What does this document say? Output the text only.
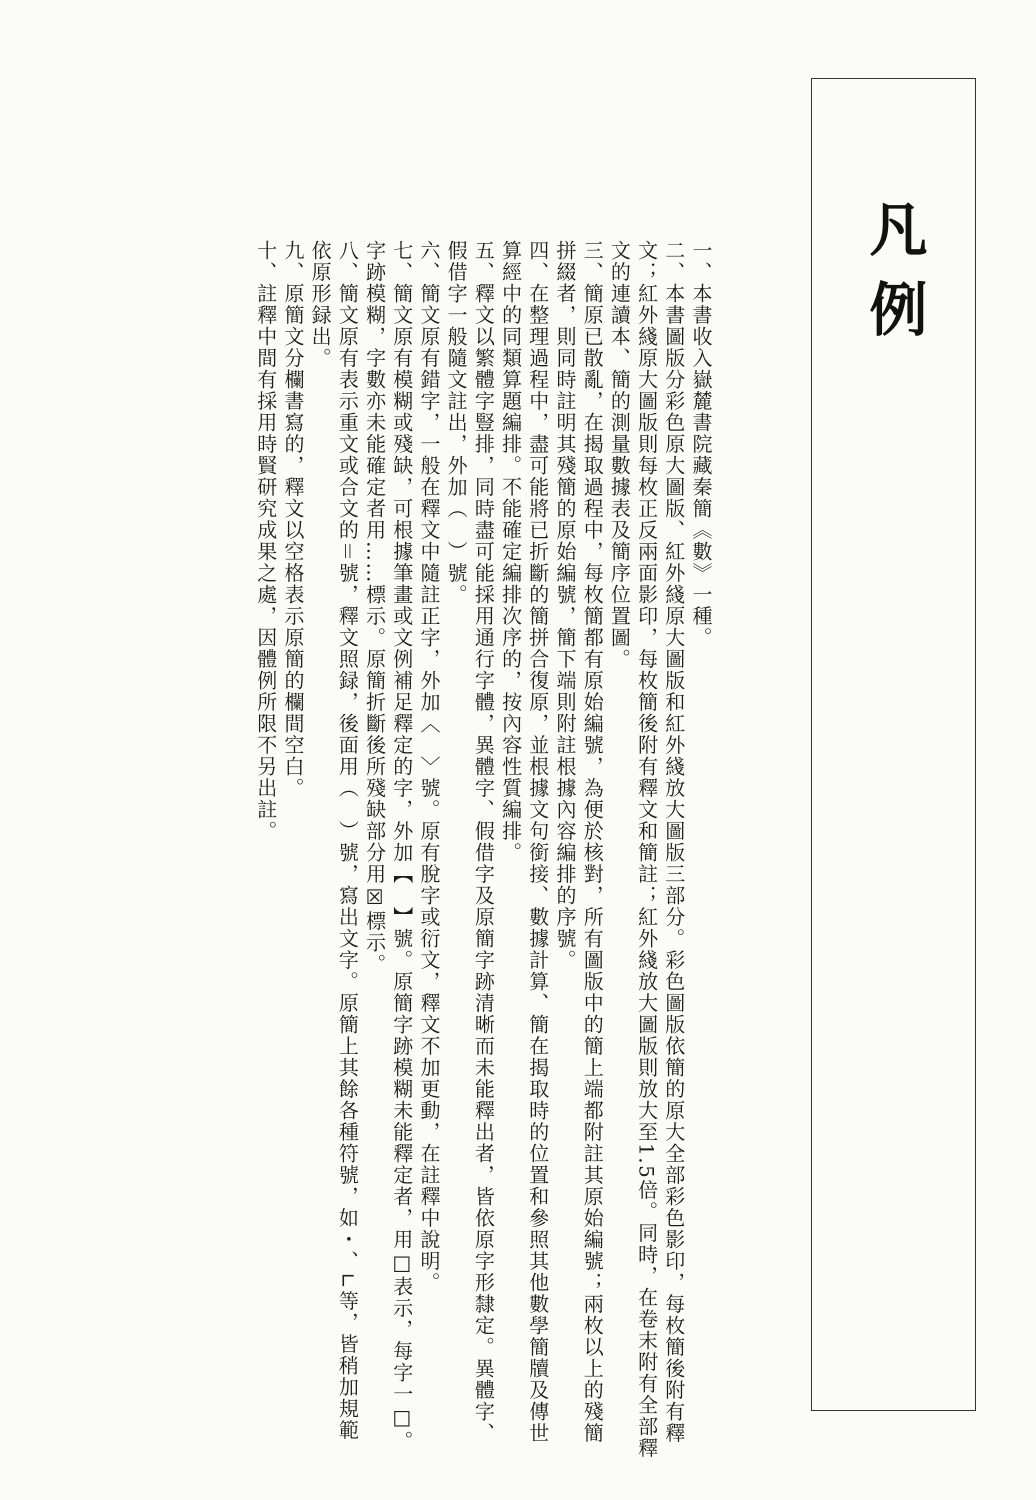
凡例

一、本書收入嶽麓書院藏秦簡《數》一種。

二、本書圖版分彩色原大圖版、紅外綫原大圖版和紅外綫放大圖版三部分。彩色圖版依簡的原大全部彩色影印，每枚簡後附有釋文；紅外綫原大圖版則每枚正反兩面影印，每枚簡後附有釋文和簡註；紅外綫放大圖版則放大至1.5倍。同時，在卷末附有全部釋文的連讀本、簡的測量數據表及簡序位置圖。

三、簡原已散亂，在揭取過程中，每枚簡都有原始編號，為便於核對，所有圖版中的簡上端都附註其原始編號；兩枚以上的殘簡拼綴者，則同時註明其殘簡的原始編號，簡下端則附註根據內容編排的序號。

四、在整理過程中，盡可能將已折斷的簡拼合復原，並根據文句銜接、數據計算、簡在揭取時的位置和參照其他數學簡牘及傳世算經中的同類算題編排。不能確定編排次序的，按內容性質編排。

五、釋文以繁體字豎排，同時盡可能採用通行字體，異體字、假借字及原簡字跡清晰而未能釋出者，皆依原字形隸定。異體字、假借字一般隨文註出，外加（　）號。

六、簡文原有錯字，一般在釋文中隨註正字，外加〈　〉號。原有脫字或衍文，釋文不加更動，在註釋中說明。

七、簡文原有模糊或殘缺，可根據筆畫或文例補足釋定的字，外加【　】號。原簡字跡模糊未能釋定者，用□表示，每字一□。字跡模糊，字數亦未能確定者用……標示。原簡折斷後所殘缺部分用☒標示。

八、簡文原有表示重文或合文的＝號，釋文照録，後面用（　）號，寫出文字。原簡上其餘各種符號，如・、∟等，皆稍加規範依原形録出。

九、原簡文分欄書寫的，釋文以空格表示原簡的欄間空白。

十、註釋中間有採用時賢研究成果之處，因體例所限不另出註。
